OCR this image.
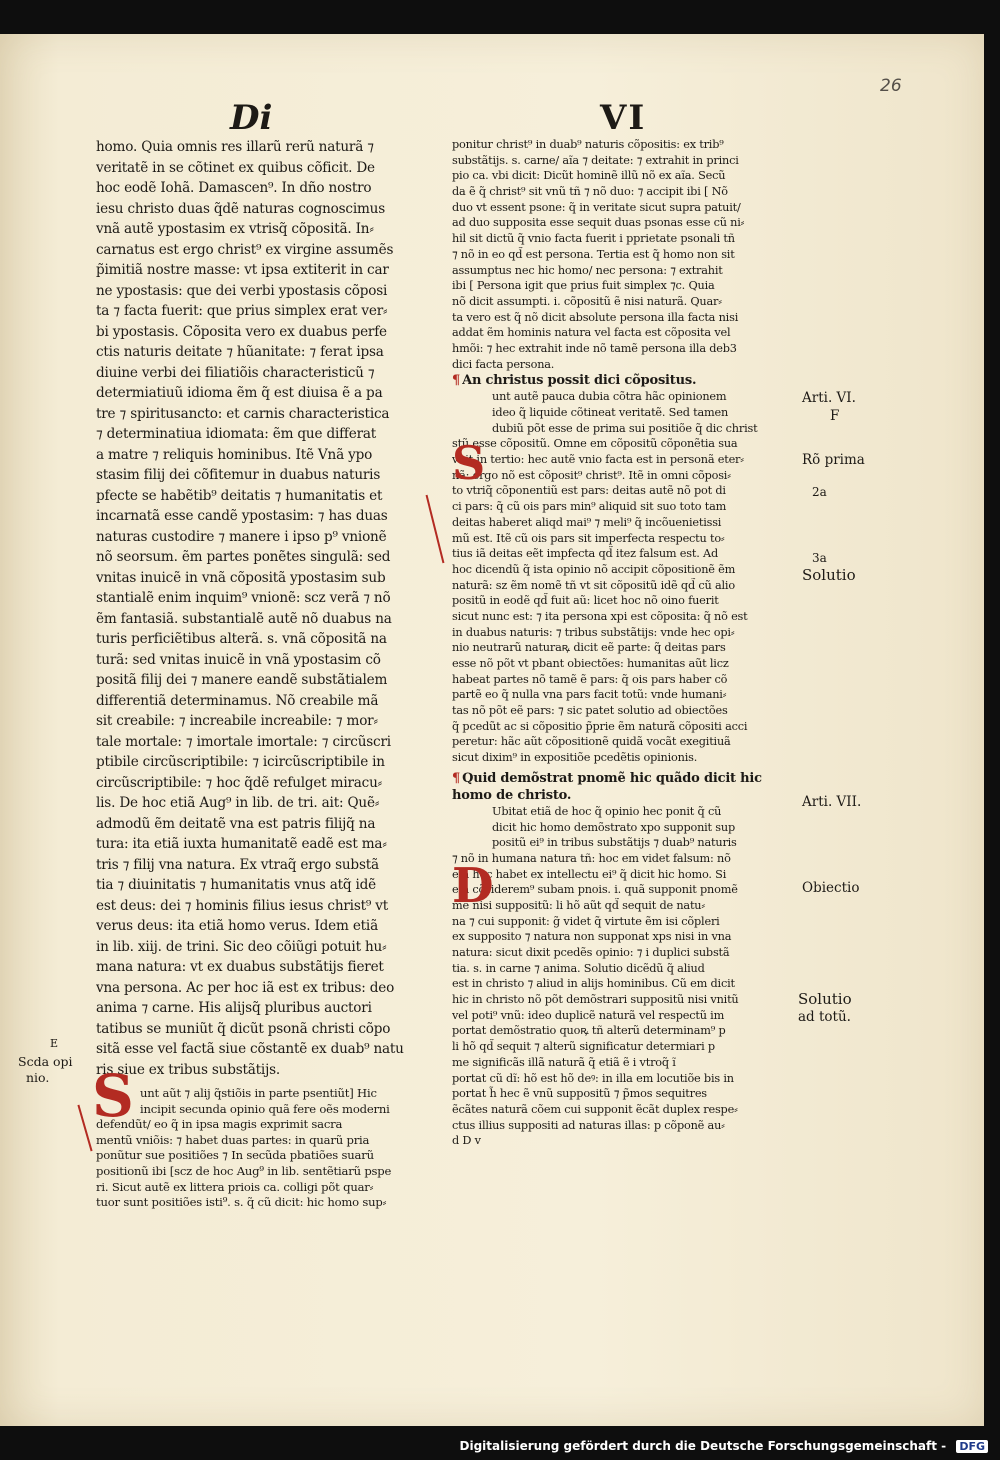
Di	VI
26
homo. Quia omnis res illarũ rerũ naturã ⁊
veritatẽ in se cõtinet ex quibus cõficit. De
hoc eodẽ Iohã. Damascen⁹. In dño nostro
iesu christo duas q̃dẽ naturas cognoscimus
vnã autẽ ypostasim ex vtrisq̃ cõpositã. In⸗
carnatus est ergo christ⁹ ex virgine assumẽs
p̃imitiã nostre masse: vt ipsa extiterit in car
ne ypostasis: que dei verbi ypostasis cõposi
ta ⁊ facta fuerit: que prius simplex erat ver⸗
bi ypostasis. Cõposita vero ex duabus perfe
ctis naturis deitate ⁊ hũanitate: ⁊ ferat ipsa
diuine verbi dei filiatiõis characteristicũ ⁊
determiatiuũ idioma ẽm q̃ est diuisa ẽ a pa
tre ⁊ spiritusancto: et carnis characteristica
⁊ determinatiua idiomata: ẽm que differat
a matre ⁊ reliquis hominibus. Itẽ Vnã ypo
stasim filij dei cõfitemur in duabus naturis
pfecte se habẽtib⁹ deitatis ⁊ humanitatis et
incarnatã esse candẽ ypostasim: ⁊ has duas
naturas custodire ⁊ manere i ipso p⁹ vnionẽ
nõ seorsum. ẽm partes ponẽtes singulã: sed
vnitas inuicẽ in vnã cõpositã ypostasim sub
stantialẽ enim inquim⁹ vnionẽ: scz verã ⁊ nõ
ẽm fantasiã. substantialẽ autẽ nõ duabus na
turis perficiẽtibus alterã. s. vnã cõpositã na
turã: sed vnitas inuicẽ in vnã ypostasim cõ
positã filij dei ⁊ manere eandẽ substãtialem
differentiã determinamus. Nõ creabile mã
sit creabile: ⁊ increabile increabile: ⁊ mor⸗
tale mortale: ⁊ imortale imortale: ⁊ circũscri
ptibile circũscriptibile: ⁊ icircũscriptibile in
circũscriptibile: ⁊ hoc q̃dẽ refulget miracu⸗
lis. De hoc etiã Aug⁹ in lib. de tri. ait: Quẽ⸗
admodũ ẽm deitatẽ vna est patris filijq̃ na
tura: ita etiã iuxta humanitatẽ eadẽ est ma⸗
tris ⁊ filij vna natura. Ex vtraq̃ ergo substã
tia ⁊ diuinitatis ⁊ humanitatis vnus atq̃ idẽ
est deus: dei ⁊ hominis filius iesus christ⁹ vt
verus deus: ita etiã homo verus. Idem etiã
in lib. xiij. de trini. Sic deo cõiũgi potuit hu⸗
mana natura: vt ex duabus substãtijs fieret
vna persona. Ac per hoc iã est ex tribus: deo
anima ⁊ carne. His alijsq̃ pluribus auctori
tatibus se muniũt q̃ dicũt psonã christi cõpo
sitã esse vel factã siue cõstantẽ ex duab⁹ natu
ris siue ex tribus substãtijs.
unt aũt ⁊ alij q̃stiõis in parte psentiũt] Hic
incipit secunda opinio quã fere oẽs moderni
defendũt/ eo q̃ in ipsa magis exprimit sacra
mentũ vniõis: ⁊ habet duas partes: in quarũ pria
ponũtur sue positiões ⁊ In secũda pbatiões suarũ
positionũ ibi [scz de hoc Aug⁹ in lib. sentẽtiarũ pspe
ri. Sicut autẽ ex littera priois ca. colligi põt quar⸗
tuor sunt positiões isti⁹. s. q̃ cũ dicit: hic homo sup⸗
ponitur christ⁹ in duab⁹ naturis cõpositis: ex trib⁹
substãtijs. s. carne/ aĩa ⁊ deitate: ⁊ extrahit in princi
pio ca. vbi dicit: Dicũt hominẽ illũ nõ ex aĩa. Secũ
da ẽ q̃ christ⁹ sit vnũ tñ ⁊ nõ duo: ⁊ accipit ibi [ Nõ
duo vt essent psone: q̃ in veritate sicut supra patuit/
ad duo supposita esse sequit duas psonas esse cũ ni⸗
hil sit dictũ q̃ vnio facta fuerit i pprietate psonali tñ
⁊ nõ in eo qd̃ est persona. Tertia est q̃ homo non sit
assumptus nec hic homo/ nec persona: ⁊ extrahit
ibi [ Persona igit que prius fuit simplex ⁊c. Quia
nõ dicit assumpti. i. cõpositũ ẽ nisi naturã. Quar⸗
ta vero est q̃ nõ dicit absolute persona illa facta nisi
addat ẽm hominis natura vel facta est cõposita vel
hmõi: ⁊ hec extrahit inde nõ tamẽ persona illa deb3
dici facta persona.
¶ An christus possit dici cõpositus.
unt autẽ pauca dubia cõtra hãc opinionem
ideo q̃ liquide cõtineat veritatẽ. Sed tamen
dubiũ põt esse de prima sui positiõe q̃ dic christ
stũ esse cõpositũ. Omne em cõpositũ cõponẽtia sua
vnit in tertio: hec autẽ vnio facta est in personã eter⸗
nã: ergo nõ est cõposit⁹ christ⁹. Itẽ in omni cõposi⸗
to vtriq̃ cõponentiũ est pars: deitas autẽ nõ pot di
ci pars: q̃ cũ ois pars min⁹ aliquid sit suo toto tam
deitas haberet aliqd mai⁹ ⁊ meli⁹ q̃ incõuenietissi
mũ est. Itẽ cũ ois pars sit imperfecta respectu to⸗
tius iã deitas eẽt impfecta qd̃ itez falsum est. Ad
hoc dicendũ q̃ ista opinio nõ accipit cõpositionẽ ẽm
naturã: sz ẽm nomẽ tñ vt sit cõpositũ idẽ qd̃ cũ alio
positũ in eodẽ qd̃ fuit aũ: licet hoc nõ oino fuerit
sicut nunc est: ⁊ ita persona xpi est cõposita: q̃ nõ est
in duabus naturis: ⁊ tribus substãtijs: vnde hec opi⸗
nio neutrarũ naturaꝶ dicit eẽ parte: q̃ deitas pars
esse nõ põt vt pbant obiectões: humanitas aũt licz
habeat partes nõ tamẽ ẽ pars: q̃ ois pars haber cõ
partẽ eo q̃ nulla vna pars facit totũ: vnde humani⸗
tas nõ põt eẽ pars: ⁊ sic patet solutio ad obiectões
q̃ pcedũt ac si cõpositio p̃prie ẽm naturã cõpositi acci
peretur: hãc aũt cõpositionẽ quidã vocãt exegitiuã
sicut dixim⁹ in expositiõe pcedẽtis opinionis.
¶ Quid demõstrat pnomẽ hic quãdo dicit hic homo de christo.
Ubitat etiã de hoc q̃ opinio hec ponit q̃ cũ
dicit hic homo demõstrato xpo supponit sup
positũ ei⁹ in tribus substãtijs ⁊ duab⁹ naturis
⁊ nõ in humana natura tñ: hoc em videt falsum: nõ
em hoc habet ex intellectu ei⁹ q̃ dicit hic homo. Si
em cõsiderem⁹ subam pnois. i. quã supponit pnomẽ
mẽ nisi suppositũ: li hõ aũt qd̃ sequit de natu⸗
na ⁊ cui supponit: g̃ videt q̃ virtute ẽm isi cõpleri
ex supposito ⁊ natura non supponat xps nisi in vna
natura: sicut dixit pcedẽs opinio: ⁊ i duplici substã
tia. s. in carne ⁊ anima. Solutio dicẽdũ q̃ aliud
est in christo ⁊ aliud in alijs hominibus. Cũ em dicit
hic in christo nõ põt demõstrari suppositũ nisi vnitũ
vel poti⁹ vnũ: ideo duplicẽ naturã vel respectũ im
portat demõstratio quoꝶ tñ alterũ determinam⁹ p
li hõ qd̃ sequit ⁊ alterũ significatur determiari p
me significãs illã naturã q̃ etiã ẽ i vtroq̃ ĩ
portat cũ dĩ: hõ est hõ deꝰ: in illa em locutiõe bis in
portat h̃ hec ẽ vnũ suppositũ ⁊ p̃mos sequitres
ẽcãtes naturã cõem cui supponit ẽcãt duplex respe⸗
ctus illius suppositi ad naturas illas: p cõponẽ au⸗
d D v
S
S
D
Arti. VI.
F
Rõ prima
2a
3a
Solutio
Arti. VII.
Obiectio
Solutio
ad totũ.
E
Scda opi
nio.
Digitalisierung gefördert durch die Deutsche Forschungsgemeinschaft - DFG
